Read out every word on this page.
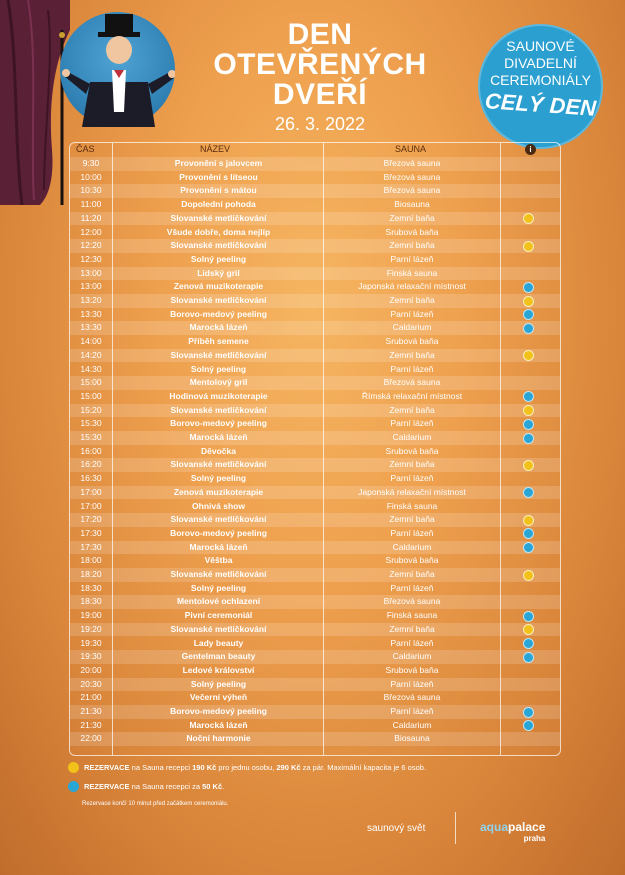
DEN
OTEVŘENÝCH
DVEŘÍ
26. 3. 2022
SAUNOVÉ
DIVADELNÍ
CEREMONIÁLY
CELÝ DEN
ČAS	NÁZEV	SAUNA	i
9:30	Provonění s jalovcem	Březová sauna
10:00	Provonění s lítseou	Březová sauna
10:30	Provonění s mátou	Březová sauna
11:00	Dopolední pohoda	Biosauna
11:20	Slovanské metličkování	Zemní baňa
12:00	Všude dobře, doma nejlíp	Srubová baňa
12:20	Slovanské metličkování	Zemní baňa
12:30	Solný peeling	Parní lázeň
13:00	Lidský gril	Finská sauna
13:00	Zenová muzikoterapie	Japonská relaxační místnost
13:20	Slovanské metličkování	Zemní baňa
13:30	Borovo-medový peeling	Parní lázeň
13:30	Marocká lázeň	Caldarium
14:00	Příběh semene	Srubová baňa
14:20	Slovanské metličkování	Zemní baňa
14:30	Solný peeling	Parní lázeň
15:00	Mentolový gril	Březová sauna
15:00	Hodinová muzikoterapie	Římská relaxační místnost
15:20	Slovanské metličkování	Zemní baňa
15:30	Borovo-medový peeling	Parní lázeň
15:30	Marocká lázeň	Caldarium
16:00	Děvočka	Srubová baňa
16:20	Slovanské metličkování	Zemní baňa
16:30	Solný peeling	Parní lázeň
17:00	Zenová muzikoterapie	Japonská relaxační místnost
17:00	Ohnivá show	Finská sauna
17:20	Slovanské metličkování	Zemní baňa
17:30	Borovo-medový peeling	Parní lázeň
17:30	Marocká lázeň	Caldarium
18:00	Věštba	Srubová baňa
18:20	Slovanské metličkování	Zemní baňa
18:30	Solný peeling	Parní lázeň
18:30	Mentolové ochlazení	Březová sauna
19:00	Pivní ceremoniál	Finská sauna
19:20	Slovanské metličkování	Zemní baňa
19:30	Lady beauty	Parní lázeň
19:30	Gentelman beauty	Caldarium
20:00	Ledové království	Srubová baňa
20:30	Solný peeling	Parní lázeň
21:00	Večerní výheň	Březová sauna
21:30	Borovo-medový peeling	Parní lázeň
21:30	Marocká lázeň	Caldarium
22:00	Noční harmonie	Biosauna
REZERVACE na Sauna recepci 190 Kč pro jednu osobu, 290 Kč za pár. Maximální kapacita je 6 osob.
REZERVACE na Sauna recepci za 50 Kč.
Rezervace končí 10 minut před začátkem ceremoniálu.
saunový svět	aquapalace
praha
